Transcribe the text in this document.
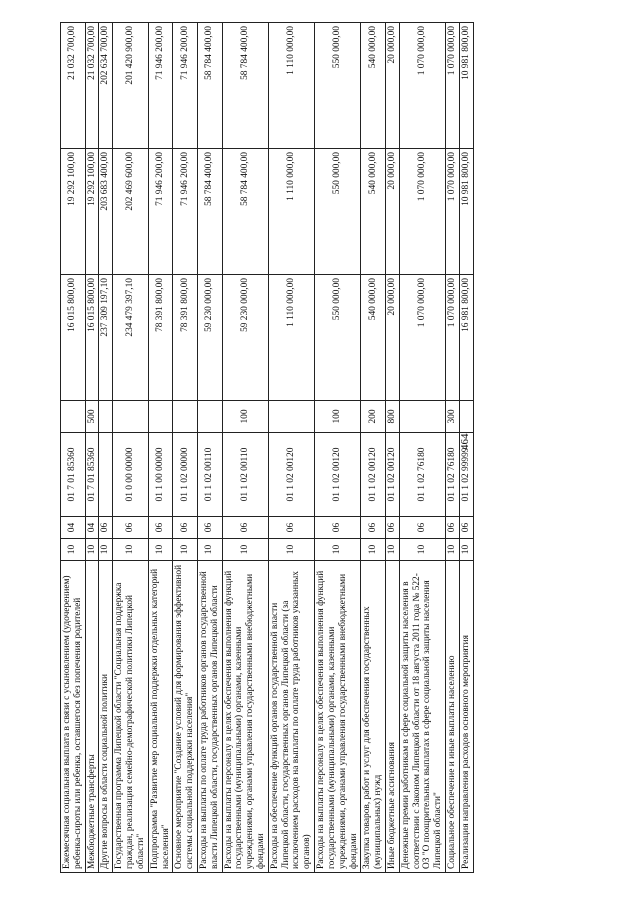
464
Ежемесячная социальная выплата в связи с усыновлением (удочерением) ребенка-сироты или ребенка, оставшегося без попечения родителей	10	04	01 7 01 85360		16 015 800,00	19 292 100,00	21 032 700,00
Межбюджетные трансферты	10	04	01 7 01 85360	500	16 015 800,00	19 292 100,00	21 032 700,00
Другие вопросы в области социальной политики	10	06			237 309 197,10	203 683 400,00	202 634 700,00
Государственная программа Липецкой области "Социальная поддержка граждан, реализация семейно-демографической политики Липецкой области"	10	06	01 0 00 00000		234 479 397,10	202 469 600,00	201 420 900,00
Подпрограмма "Развитие мер социальной поддержки отдельных категорий населения"	10	06	01 1 00 00000		78 391 800,00	71 946 200,00	71 946 200,00
Основное мероприятие "Создание условий для формирования эффективной системы социальной поддержки населения"	10	06	01 1 02 00000		78 391 800,00	71 946 200,00	71 946 200,00
Расходы на выплаты по оплате труда работников органов государственной власти Липецкой области, государственных органов Липецкой области	10	06	01 1 02 00110		59 230 000,00	58 784 400,00	58 784 400,00
Расходы на выплаты персоналу в целях обеспечения выполнения функций государственными (муниципальными) органами, казенными учреждениями, органами управления государственными внебюджетными фондами	10	06	01 1 02 00110	100	59 230 000,00	58 784 400,00	58 784 400,00
Расходы на обеспечение функций органов государственной власти Липецкой области, государственных органов Липецкой области (за исключением расходов на выплаты по оплате труда работников указанных органов)	10	06	01 1 02 00120		1 110 000,00	1 110 000,00	1 110 000,00
Расходы на выплаты персоналу в целях обеспечения выполнения функций государственными (муниципальными) органами, казенными учреждениями, органами управления государственными внебюджетными фондами	10	06	01 1 02 00120	100	550 000,00	550 000,00	550 000,00
Закупка товаров, работ и услуг для обеспечения государственных (муниципальных) нужд	10	06	01 1 02 00120	200	540 000,00	540 000,00	540 000,00
Иные бюджетные ассигнования	10	06	01 1 02 00120	800	20 000,00	20 000,00	20 000,00
Денежные премии работникам в сфере социальной защиты населения в соответствии с Законом Липецкой области от 18 августа 2011 года № 522-ОЗ "О поощрительных выплатах в сфере социальной защиты населения Липецкой области"	10	06	01 1 02 76180		1 070 000,00	1 070 000,00	1 070 000,00
Социальное обеспечение и иные выплаты населению	10	06	01 1 02 76180	300	1 070 000,00	1 070 000,00	1 070 000,00
Реализация направления расходов основного мероприятия	10	06	01 1 02 99999		16 981 800,00	10 981 800,00	10 981 800,00
